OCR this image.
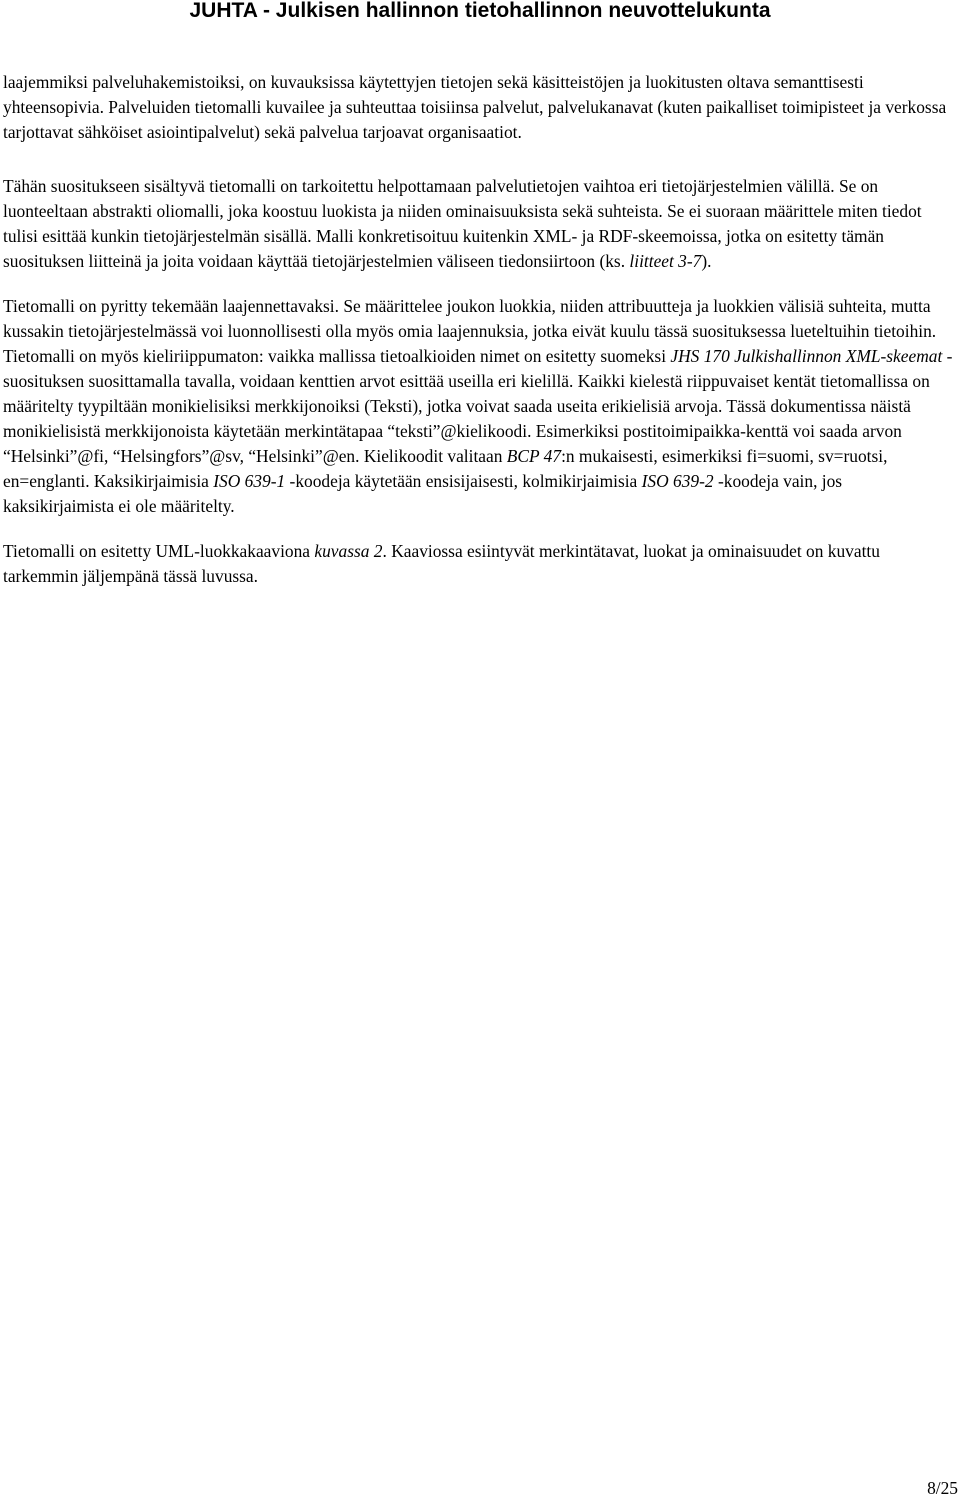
JUHTA - Julkisen hallinnon tietohallinnon neuvottelukunta

laajemmiksi palveluhakemistoiksi, on kuvauksissa käytettyjen tietojen sekä käsitteistöjen ja luokitusten oltava semanttisesti yhteensopivia. Palveluiden tietomalli kuvailee ja suhteuttaa toisiinsa palvelut, palvelukanavat (kuten paikalliset toimipisteet ja verkossa tarjottavat sähköiset asiointipalvelut) sekä palvelua tarjoavat organisaatiot.

Tähän suositukseen sisältyvä tietomalli on tarkoitettu helpottamaan palvelutietojen vaihtoa eri tietojärjestelmien välillä. Se on luonteeltaan abstrakti oliomalli, joka koostuu luokista ja niiden ominaisuuksista sekä suhteista. Se ei suoraan määrittele miten tiedot tulisi esittää kunkin tietojärjestelmän sisällä. Malli konkretisoituu kuitenkin XML- ja RDF-skeemoissa, jotka on esitetty tämän suosituksen liitteinä ja joita voidaan käyttää tietojärjestelmien väliseen tiedonsiirtoon (ks. liitteet 3-7).

Tietomalli on pyritty tekemään laajennettavaksi. Se määrittelee joukon luokkia, niiden attribuutteja ja luokkien välisiä suhteita, mutta kussakin tietojärjestelmässä voi luonnollisesti olla myös omia laajennuksia, jotka eivät kuulu tässä suosituksessa lueteltuihin tietoihin. Tietomalli on myös kieliriippumaton: vaikka mallissa tietoalkioiden nimet on esitetty suomeksi JHS 170 Julkishallinnon XML-skeemat -suosituksen suosittamalla tavalla, voidaan kenttien arvot esittää useilla eri kielillä. Kaikki kielestä riippuvaiset kentät tietomallissa on määritelty tyypiltään monikielisiksi merkkijonoiksi (Teksti), jotka voivat saada useita erikielisiä arvoja. Tässä dokumentissa näistä monikielisistä merkkijonoista käytetään merkintätapaa “teksti”@kielikoodi. Esimerkiksi postitoimipaikka-kenttä voi saada arvon “Helsinki”@fi, “Helsingfors”@sv, “Helsinki”@en. Kielikoodit valitaan BCP 47:n mukaisesti, esimerkiksi fi=suomi, sv=ruotsi, en=englanti. Kaksikirjaimisia ISO 639-1 -koodeja käytetään ensisijaisesti, kolmikirjaimisia ISO 639-2 -koodeja vain, jos kaksikirjaimista ei ole määritelty.

Tietomalli on esitetty UML-luokkakaaviona kuvassa 2. Kaaviossa esiintyvät merkintätavat, luokat ja ominaisuudet on kuvattu tarkemmin jäljempänä tässä luvussa.

8/25
